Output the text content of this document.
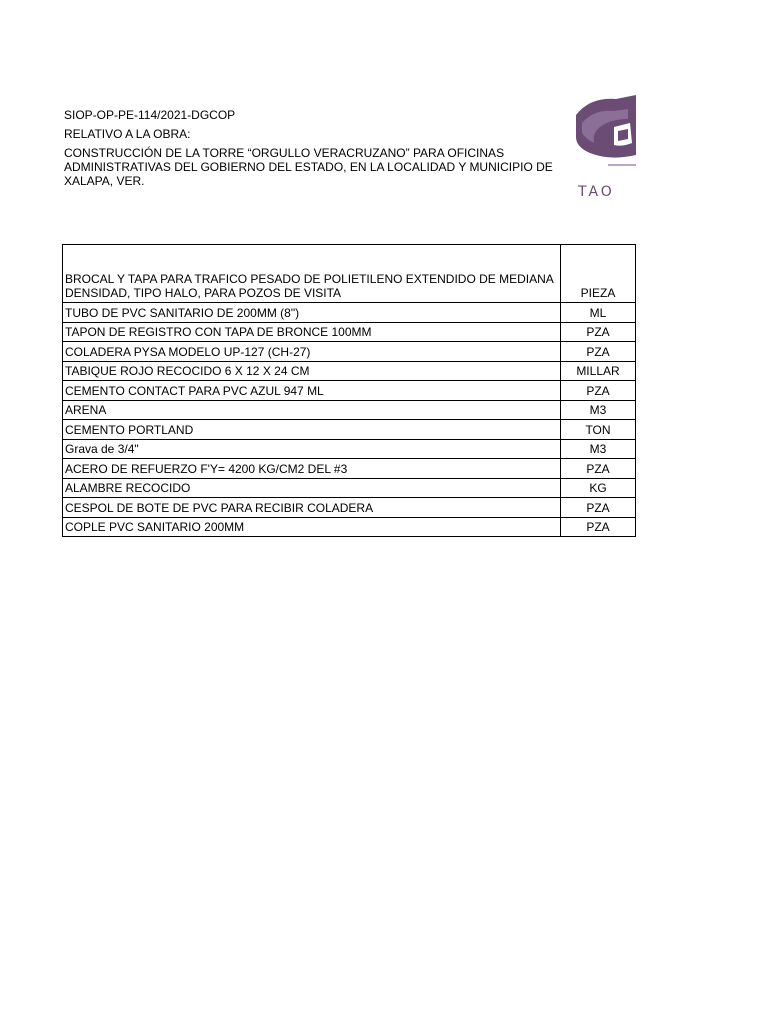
SIOP-OP-PE-114/2021-DGCOP
RELATIVO A LA OBRA:
CONSTRUCCIÓN DE LA TORRE “ORGULLO VERACRUZANO” PARA OFICINAS ADMINISTRATIVAS DEL GOBIERNO DEL ESTADO, EN LA LOCALIDAD Y MUNICIPIO DE XALAPA, VER.
TAO
BROCAL Y TAPA PARA TRAFICO PESADO DE POLIETILENO EXTENDIDO DE MEDIANA DENSIDAD, TIPO HALO, PARA POZOS DE VISITA	PIEZA
TUBO DE PVC SANITARIO DE 200MM (8")	ML
TAPON DE REGISTRO CON TAPA DE BRONCE 100MM	PZA
COLADERA PYSA MODELO UP-127 (CH-27)	PZA
TABIQUE ROJO RECOCIDO 6 X 12 X 24 CM	MILLAR
CEMENTO CONTACT PARA PVC AZUL 947 ML	PZA
ARENA	M3
CEMENTO PORTLAND	TON
Grava de 3/4"	M3
ACERO DE REFUERZO F'Y= 4200 KG/CM2 DEL #3	PZA
ALAMBRE RECOCIDO	KG
CESPOL DE BOTE DE PVC PARA RECIBIR COLADERA	PZA
COPLE PVC SANITARIO 200MM	PZA
